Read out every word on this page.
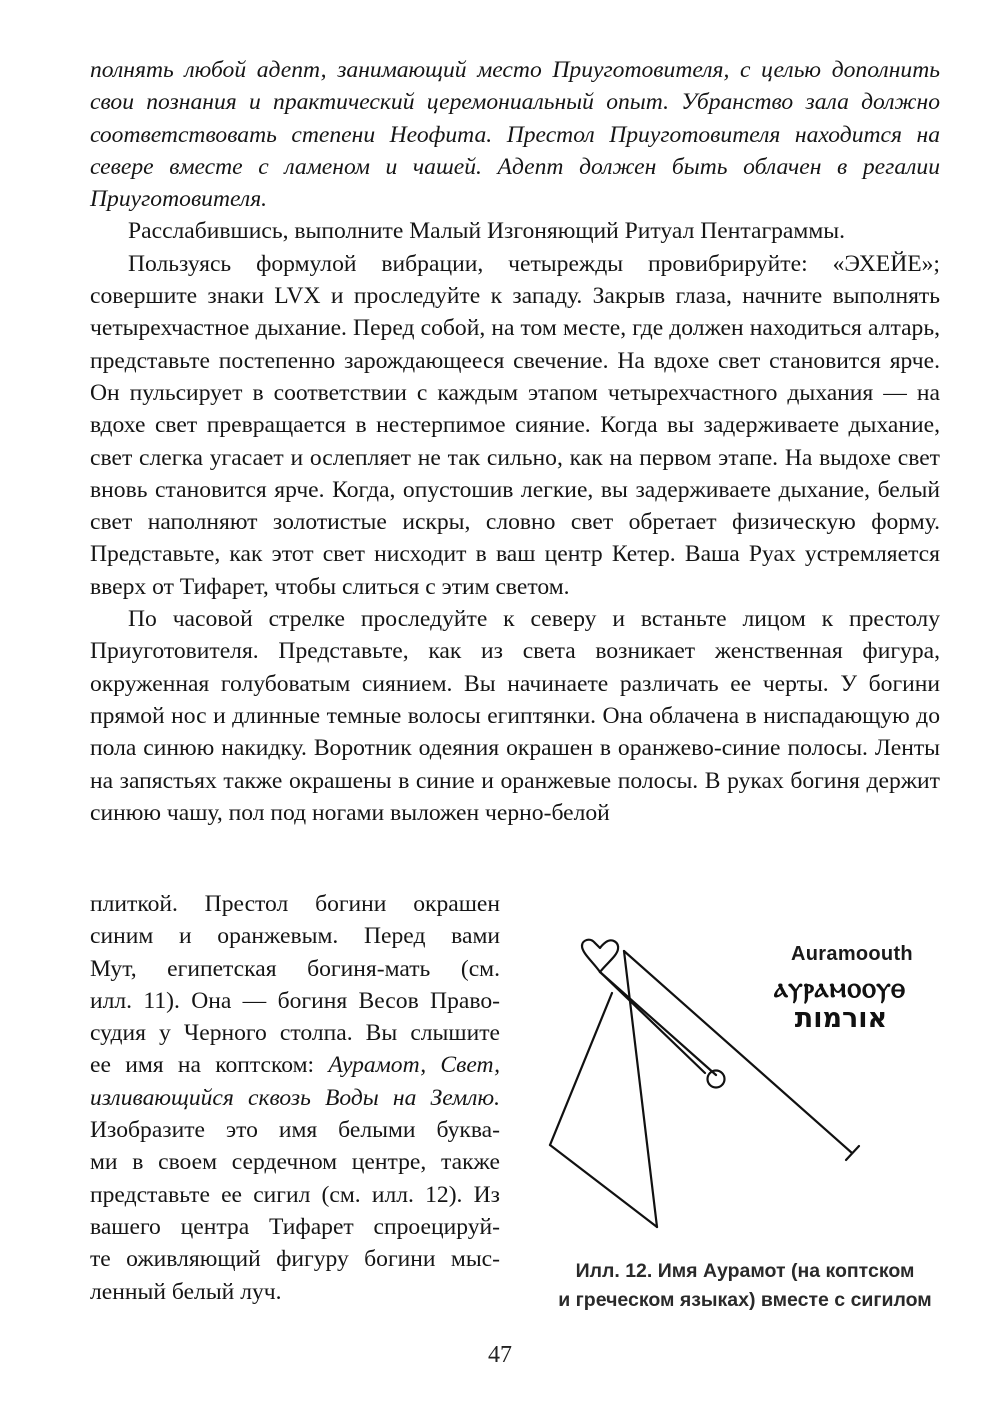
полнять любой адепт, занимающий место Приуготовителя, с целью дополнить свои познания и практический церемониальный опыт. Убранство зала должно соответствовать степени Неофита. Престол Приуготовителя находится на севере вместе с ламеном и чашей. Адепт должен быть облачен в регалии Приуготовителя.

Расслабившись, выполните Малый Изгоняющий Ритуал Пентаграммы.

Пользуясь формулой вибрации, четырежды провибрируйте: «ЭХЕЙЕ»; совершите знаки LVX и проследуйте к западу. Закрыв глаза, начните выполнять четырехчастное дыхание. Перед собой, на том месте, где должен находиться алтарь, представьте постепенно зарождающееся свечение. На вдохе свет становится ярче. Он пульсирует в соответствии с каждым этапом четырехчастного дыхания — на вдохе свет превращается в нестерпимое сияние. Когда вы задерживаете дыхание, свет слегка угасает и ослепляет не так сильно, как на первом этапе. На выдохе свет вновь становится ярче. Когда, опустошив легкие, вы задерживаете дыхание, белый свет наполняют золотистые искры, словно свет обретает физическую форму. Представьте, как этот свет нисходит в ваш центр Кетер. Ваша Руах устремляется вверх от Тифарет, чтобы слиться с этим светом.

По часовой стрелке проследуйте к северу и встаньте лицом к престолу Приуготовителя. Представьте, как из света возникает женственная фигура, окруженная голубоватым сиянием. Вы начинаете различать ее черты. У богини прямой нос и длинные темные волосы египтянки. Она облачена в ниспадающую до пола синюю накидку. Воротник одеяния окрашен в оранжево-синие полосы. Ленты на запястьях также окрашены в синие и оранжевые полосы. В руках богиня держит синюю чашу, пол под ногами выложен черно-белой

плиткой. Престол богини окрашен
синим и оранжевым. Перед вами
Мут, египетская богиня-мать (см.
илл. 11). Она — богиня Весов Право-
судия у Черного столпа. Вы слышите
ее имя на коптском: Аурамот, Свет,
изливающийся сквозь Воды на Землю.
Изобразите это имя белыми буква-
ми в своем сердечном центре, также
представьте ее сигил (см. илл. 12). Из
вашего центра Тифарет спроецируй-
те оживляющий фигуру богини мыс-
ленный белый луч.
Auramoouth
ⲁⲩⲣⲁⲙⲟⲟⲩⲑ
אורמות
Илл. 12. Имя Аурамот (на коптском
и греческом языках) вместе с сигилом
47
